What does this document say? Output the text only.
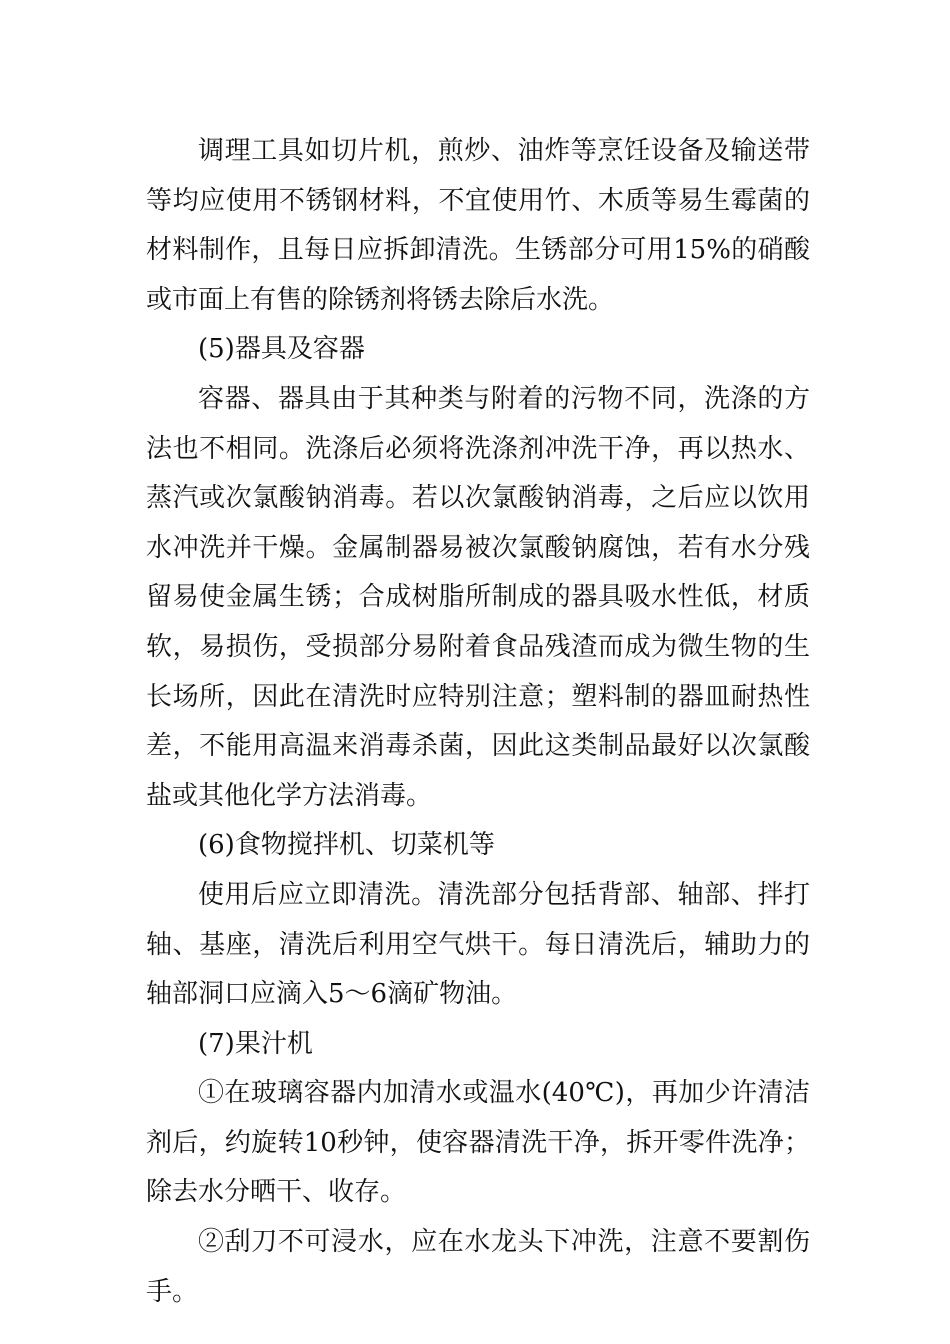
调理工具如切片机，煎炒、油炸等烹饪设备及输送带等均应使用不锈钢材料，不宜使用竹、木质等易生霉菌的材料制作，且每日应拆卸清洗。生锈部分可用15%的硝酸或市面上有售的除锈剂将锈去除后水洗。

(5)器具及容器

容器、器具由于其种类与附着的污物不同，洗涤的方法也不相同。洗涤后必须将洗涤剂冲洗干净，再以热水、蒸汽或次氯酸钠消毒。若以次氯酸钠消毒，之后应以饮用水冲洗并干燥。金属制器易被次氯酸钠腐蚀，若有水分残留易使金属生锈；合成树脂所制成的器具吸水性低，材质软，易损伤，受损部分易附着食品残渣而成为微生物的生长场所，因此在清洗时应特别注意；塑料制的器皿耐热性差，不能用高温来消毒杀菌，因此这类制品最好以次氯酸盐或其他化学方法消毒。

(6)食物搅拌机、切菜机等

使用后应立即清洗。清洗部分包括背部、轴部、拌打轴、基座，清洗后利用空气烘干。每日清洗后，辅助力的轴部洞口应滴入5～6滴矿物油。

(7)果汁机

①在玻璃容器内加清水或温水(40℃)，再加少许清洁剂后，约旋转10秒钟，使容器清洗干净，拆开零件洗净；除去水分晒干、收存。

②刮刀不可浸水，应在水龙头下冲洗，注意不要割伤手。
